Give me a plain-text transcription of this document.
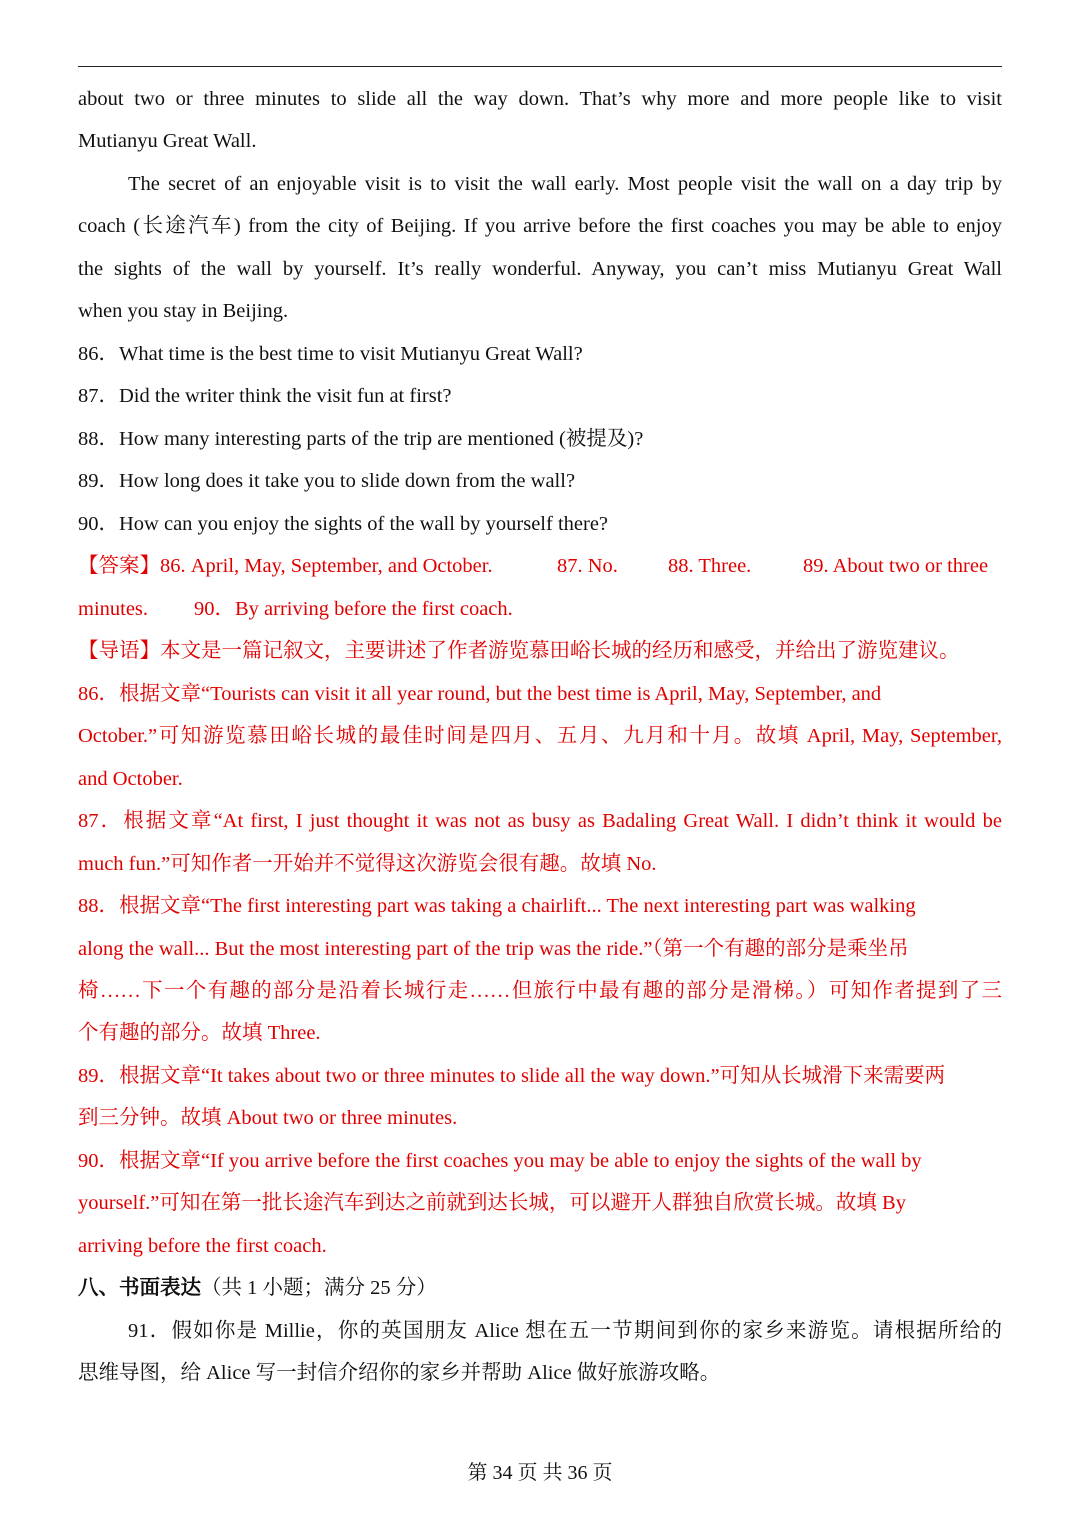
about two or three minutes to slide all the way down. That’s why more and more people like to visit
Mutianyu Great Wall.
The secret of an enjoyable visit is to visit the wall early. Most people visit the wall on a day trip by
coach (长途汽车) from the city of Beijing. If you arrive before the first coaches you may be able to enjoy
the sights of the wall by yourself. It’s really wonderful. Anyway, you can’t miss Mutianyu Great Wall
when you stay in Beijing.
86．What time is the best time to visit Mutianyu Great Wall?
87．Did the writer think the visit fun at first?
88．How many interesting parts of the trip are mentioned (被提及)?
89．How long does it take you to slide down from the wall?
90．How can you enjoy the sights of the wall by yourself there?
【答案】86. April, May, September, and October.	87. No. 88. Three.	89. About two or three
minutes. 90．By arriving before the first coach.
【导语】本文是一篇记叙文，主要讲述了作者游览慕田峪长城的经历和感受，并给出了游览建议。
86．根据文章“Tourists can visit it all year round, but the best time is April, May, September, and
October.”可知游览慕田峪长城的最佳时间是四月、五月、九月和十月。故填 April, May, September,
and October.
87．根据文章“At first, I just thought it was not as busy as Badaling Great Wall. I didn’t think it would be
much fun.”可知作者一开始并不觉得这次游览会很有趣。故填 No.
88．根据文章“The first interesting part was taking a chairlift... The next interesting part was walking
along the wall... But the most interesting part of the trip was the ride.”（第一个有趣的部分是乘坐吊
椅……下一个有趣的部分是沿着长城行走……但旅行中最有趣的部分是滑梯。）可知作者提到了三
个有趣的部分。故填 Three.
89．根据文章“It takes about two or three minutes to slide all the way down.”可知从长城滑下来需要两
到三分钟。故填 About two or three minutes.
90．根据文章“If you arrive before the first coaches you may be able to enjoy the sights of the wall by
yourself.”可知在第一批长途汽车到达之前就到达长城，可以避开人群独自欣赏长城。故填 By
arriving before the first coach.
八、书面表达（共 1 小题；满分 25 分）
91．假如你是 Millie，你的英国朋友 Alice 想在五一节期间到你的家乡来游览。请根据所给的
思维导图，给 Alice 写一封信介绍你的家乡并帮助 Alice 做好旅游攻略。
第 34 页 共 36 页
